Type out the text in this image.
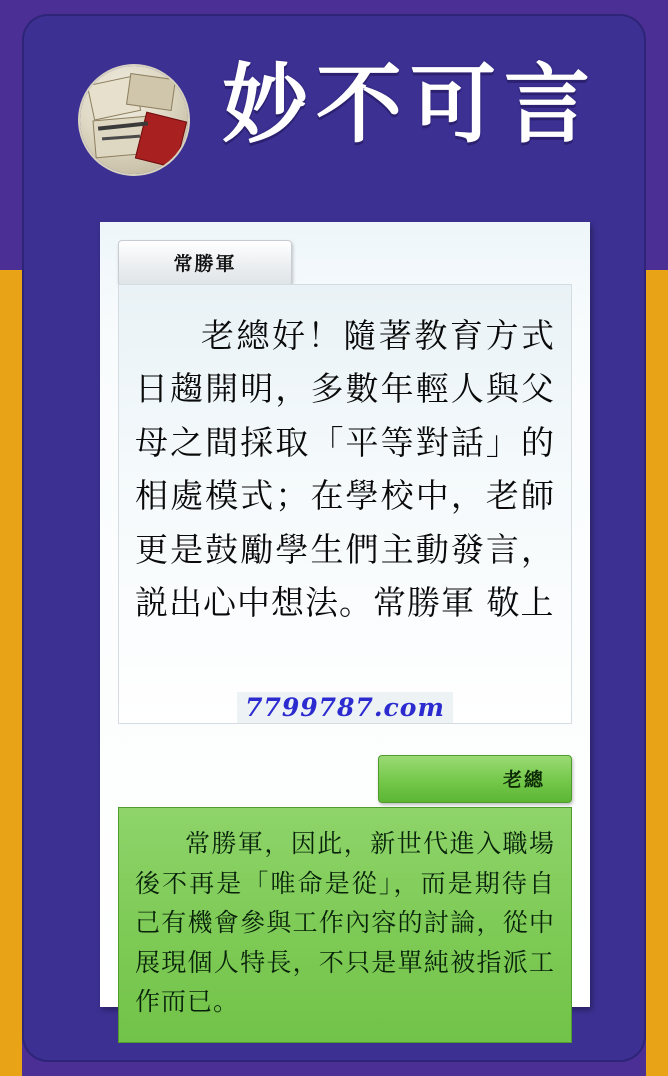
妙不可言
常勝軍

老總好！隨著教育方式日趨開明，多數年輕人與父母之間採取「平等對話」的相處模式；在學校中，老師更是鼓勵學生們主動發言，説出心中想法。常勝軍 敬上

7799787.com
老總

常勝軍，因此，新世代進入職場後不再是「唯命是從」，而是期待自己有機會參與工作內容的討論，從中展現個人特長，不只是單純被指派工作而已。
